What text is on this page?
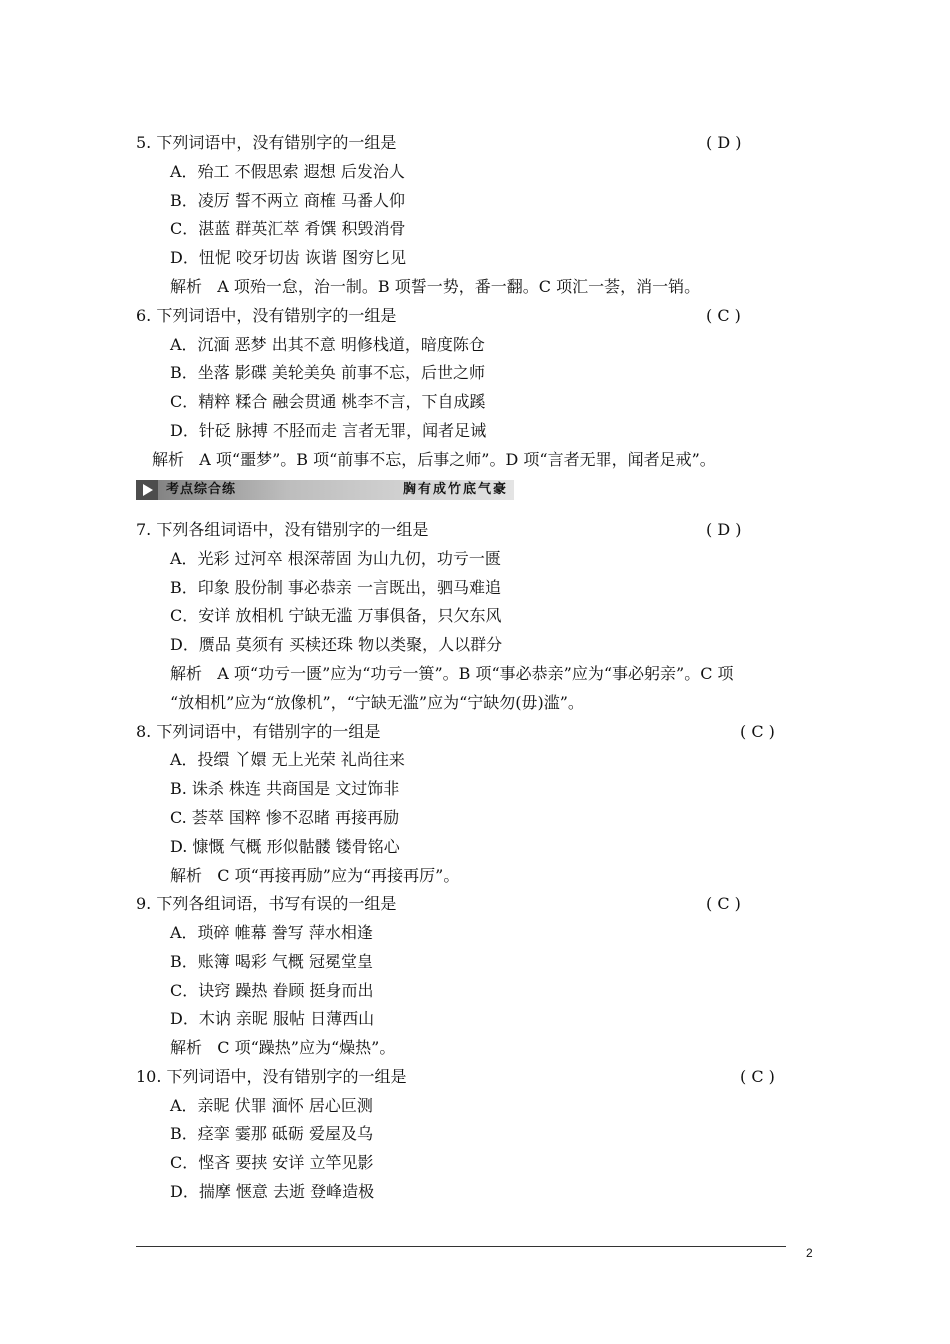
5. 下列词语中，没有错别字的一组是	( D )
A．殆工 不假思索 遐想 后发治人
B．凌厉 誓不两立 商榷 马番人仰
C．湛蓝 群英汇萃 肴馔 积毁消骨
D．忸怩 咬牙切齿 诙谐 图穷匕见
解析 A 项殆一怠，治一制。B 项誓一势，番一翻。C 项汇一荟，消一销。
6. 下列词语中，没有错别字的一组是	( C )
A．沉湎 恶梦 出其不意 明修栈道，暗度陈仓
B．坐落 影碟 美轮美奂 前事不忘，后世之师
C．精粹 糅合 融会贯通 桃李不言，下自成蹊
D．针砭 脉搏 不胫而走 言者无罪，闻者足诫
解析 A 项“噩梦”。B 项“前事不忘，后事之师”。D 项“言者无罪，闻者足戒”。
考点综合练	胸有成竹底气豪
7. 下列各组词语中，没有错别字的一组是	( D )
A．光彩 过河卒 根深蒂固 为山九仞，功亏一匮
B．印象 股份制 事必恭亲 一言既出，驷马难追
C．安详 放相机 宁缺无滥 万事俱备，只欠东风
D．赝品 莫须有 买椟还珠 物以类聚，人以群分
解析 A 项“功亏一匮”应为“功亏一篑”。B 项“事必恭亲”应为“事必躬亲”。C 项
“放相机”应为“放像机”，“宁缺无滥”应为“宁缺勿(毋)滥”。
8. 下列词语中，有错别字的一组是	( C )
A．投缳 丫嬛 无上光荣 礼尚往来
B. 诛杀 株连 共商国是 文过饰非
C. 荟萃 国粹 惨不忍睹 再接再励
D. 慷慨 气概 形似骷髅 镂骨铭心
解析 C 项“再接再励”应为“再接再厉”。
9. 下列各组词语，书写有误的一组是	( C )
A．琐碎 帷幕 誊写 萍水相逢
B．账簿 喝彩 气概 冠冕堂皇
C．诀窍 躁热 眷顾 挺身而出
D．木讷 亲昵 服帖 日薄西山
解析 C 项“躁热”应为“燥热”。
10. 下列词语中，没有错别字的一组是	( C )
A．亲昵 伏罪 湎怀 居心叵测
B．痉挛 霎那 砥砺 爱屋及乌
C．悭吝 要挟 安详 立竿见影
D．揣摩 惬意 去逝 登峰造极
2
